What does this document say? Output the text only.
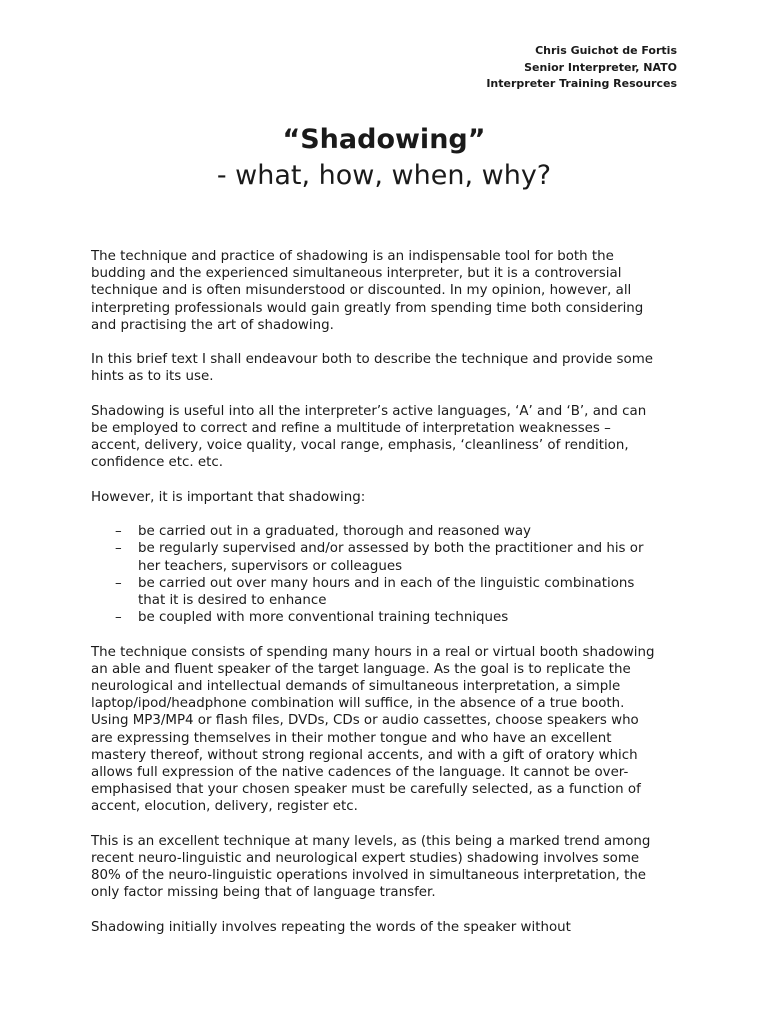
Chris Guichot de Fortis
Senior Interpreter, NATO
Interpreter Training Resources
“Shadowing”
- what, how, when, why?

The technique and practice of shadowing is an indispensable tool for both the
budding and the experienced simultaneous interpreter, but it is a controversial
technique and is often misunderstood or discounted. In my opinion, however, all
interpreting professionals would gain greatly from spending time both considering
and practising the art of shadowing.

In this brief text I shall endeavour both to describe the technique and provide some
hints as to its use.

Shadowing is useful into all the interpreter’s active languages, ‘A’ and ‘B’, and can
be employed to correct and refine a multitude of interpretation weaknesses –
accent, delivery, voice quality, vocal range, emphasis, ‘cleanliness’ of rendition,
confidence etc. etc.

However, it is important that shadowing:

– be carried out in a graduated, thorough and reasoned way
– be regularly supervised and/or assessed by both the practitioner and his or
her teachers, supervisors or colleagues
– be carried out over many hours and in each of the linguistic combinations
that it is desired to enhance
– be coupled with more conventional training techniques

The technique consists of spending many hours in a real or virtual booth shadowing
an able and fluent speaker of the target language. As the goal is to replicate the
neurological and intellectual demands of simultaneous interpretation, a simple
laptop/ipod/headphone combination will suffice, in the absence of a true booth.
Using MP3/MP4 or flash files, DVDs, CDs or audio cassettes, choose speakers who
are expressing themselves in their mother tongue and who have an excellent
mastery thereof, without strong regional accents, and with a gift of oratory which
allows full expression of the native cadences of the language. It cannot be over-
emphasised that your chosen speaker must be carefully selected, as a function of
accent, elocution, delivery, register etc.

This is an excellent technique at many levels, as (this being a marked trend among
recent neuro-linguistic and neurological expert studies) shadowing involves some
80% of the neuro-linguistic operations involved in simultaneous interpretation, the
only factor missing being that of language transfer.

Shadowing initially involves repeating the words of the speaker without
